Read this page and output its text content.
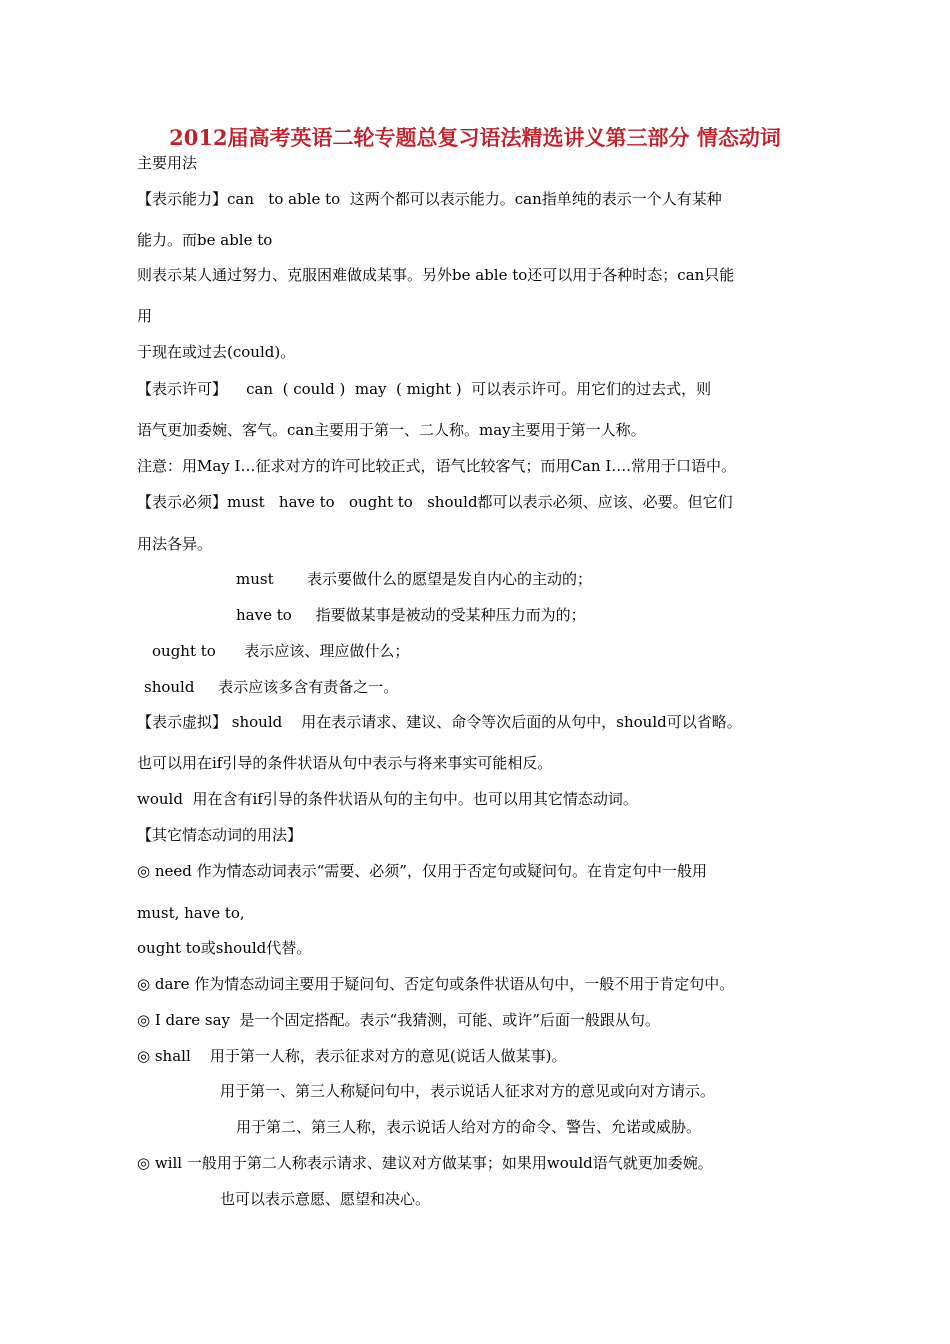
2012届高考英语二轮专题总复习语法精选讲义第三部分 情态动词
主要用法
【表示能力】can   to able to  这两个都可以表示能力。can指单纯的表示一个人有某种
能力。而be able to
则表示某人通过努力、克服困难做成某事。另外be able to还可以用于各种时态；can只能
用
于现在或过去(could)。
【表示许可】    can  ( could )  may  ( might )  可以表示许可。用它们的过去式，则
语气更加委婉、客气。can主要用于第一、二人称。may主要用于第一人称。
注意：用May I…征求对方的许可比较正式，语气比较客气；而用Can I….常用于口语中。
【表示必须】must   have to   ought to   should都可以表示必须、应该、必要。但它们
用法各异。
must       表示要做什么的愿望是发自内心的主动的；
have to     指要做某事是被动的受某种压力而为的；
ought to      表示应该、理应做什么；
should     表示应该多含有责备之一。
【表示虚拟】 should    用在表示请求、建议、命令等次后面的从句中，should可以省略。
也可以用在if引导的条件状语从句中表示与将来事实可能相反。
would  用在含有if引导的条件状语从句的主句中。也可以用其它情态动词。
【其它情态动词的用法】
◎ need 作为情态动词表示“需要、必须”，仅用于否定句或疑问句。在肯定句中一般用
must, have to,
ought to或should代替。
◎ dare 作为情态动词主要用于疑问句、否定句或条件状语从句中，一般不用于肯定句中。
◎ I dare say  是一个固定搭配。表示“我猜测，可能、或许”后面一般跟从句。
◎ shall    用于第一人称，表示征求对方的意见(说话人做某事)。
用于第一、第三人称疑问句中，表示说话人征求对方的意见或向对方请示。
用于第二、第三人称，表示说话人给对方的命令、警告、允诺或威胁。
◎ will 一般用于第二人称表示请求、建议对方做某事；如果用would语气就更加委婉。
也可以表示意愿、愿望和决心。
